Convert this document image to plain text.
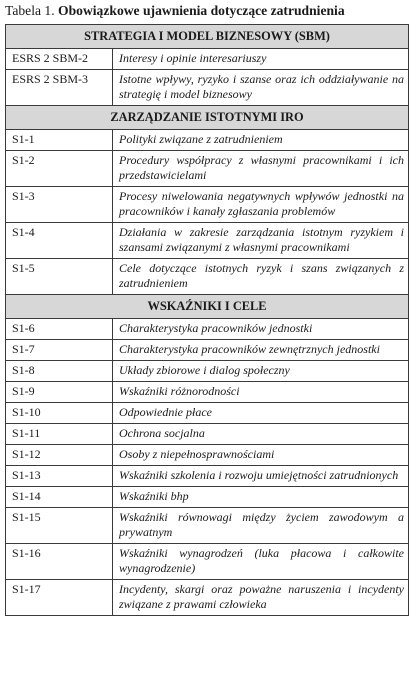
Tabela 1. Obowiązkowe ujawnienia dotyczące zatrudnienia
STRATEGIA I MODEL BIZNESOWY (SBM)	
ESRS 2 SBM-2	Interesy i opinie interesariuszy
ESRS 2 SBM-3	Istotne wpływy, ryzyko i szanse oraz ich oddziaływanie na strategię i model biznesowy
ZARZĄDZANIE ISTOTNYMI IRO	
S1-1	Polityki związane z zatrudnieniem
S1-2	Procedury współpracy z własnymi pracownikami i ich przedstawicielami
S1-3	Procesy niwelowania negatywnych wpływów jednostki na pracowników i kanały zgłaszania problemów
S1-4	Działania w zakresie zarządzania istotnym ryzykiem i szansami związanymi z własnymi pracownikami
S1-5	Cele dotyczące istotnych ryzyk i szans związanych z zatrudnieniem
WSKAŹNIKI I CELE	
S1-6	Charakterystyka pracowników jednostki
S1-7	Charakterystyka pracowników zewnętrznych jednostki
S1-8	Układy zbiorowe i dialog społeczny
S1-9	Wskaźniki różnorodności
S1-10	Odpowiednie płace
S1-11	Ochrona socjalna
S1-12	Osoby z niepełnosprawnościami
S1-13	Wskaźniki szkolenia i rozwoju umiejętności zatrudnionych
S1-14	Wskaźniki bhp
S1-15	Wskaźniki równowagi między życiem zawodowym a prywatnym
S1-16	Wskaźniki wynagrodzeń (luka płacowa i całkowite wynagrodzenie)
S1-17	Incydenty, skargi oraz poważne naruszenia i incydenty związane z prawami człowieka
